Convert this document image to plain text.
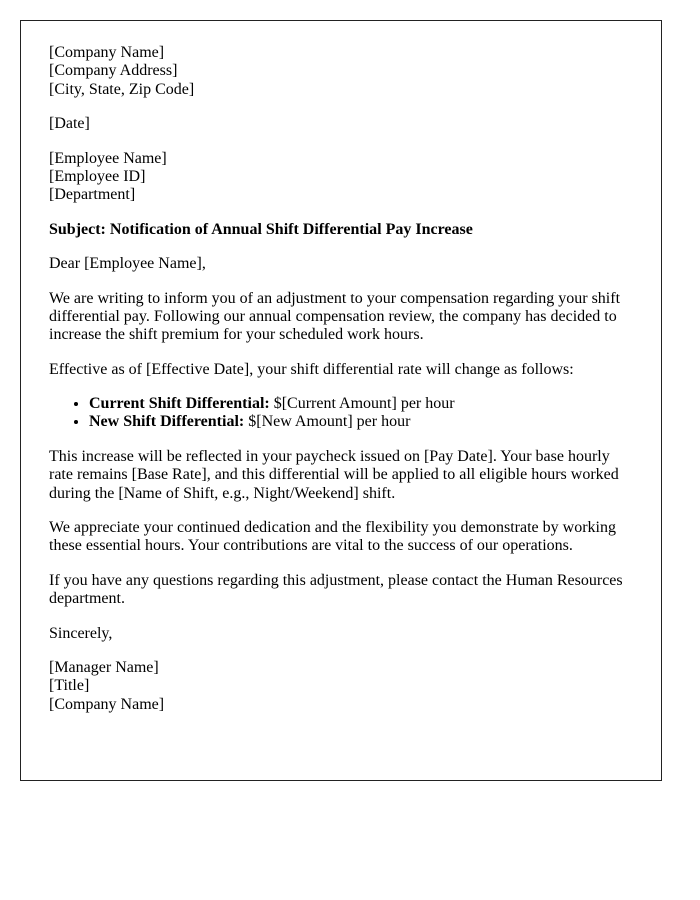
[Company Name]
[Company Address]
[City, State, Zip Code]
[Date]
[Employee Name]
[Employee ID]
[Department]
Subject: Notification of Annual Shift Differential Pay Increase
Dear [Employee Name],
We are writing to inform you of an adjustment to your compensation regarding your shift differential pay. Following our annual compensation review, the company has decided to increase the shift premium for your scheduled work hours.
Effective as of [Effective Date], your shift differential rate will change as follows:
• Current Shift Differential: $[Current Amount] per hour
• New Shift Differential: $[New Amount] per hour
This increase will be reflected in your paycheck issued on [Pay Date]. Your base hourly rate remains [Base Rate], and this differential will be applied to all eligible hours worked during the [Name of Shift, e.g., Night/Weekend] shift.
We appreciate your continued dedication and the flexibility you demonstrate by working these essential hours. Your contributions are vital to the success of our operations.
If you have any questions regarding this adjustment, please contact the Human Resources department.
Sincerely,
[Manager Name]
[Title]
[Company Name]
